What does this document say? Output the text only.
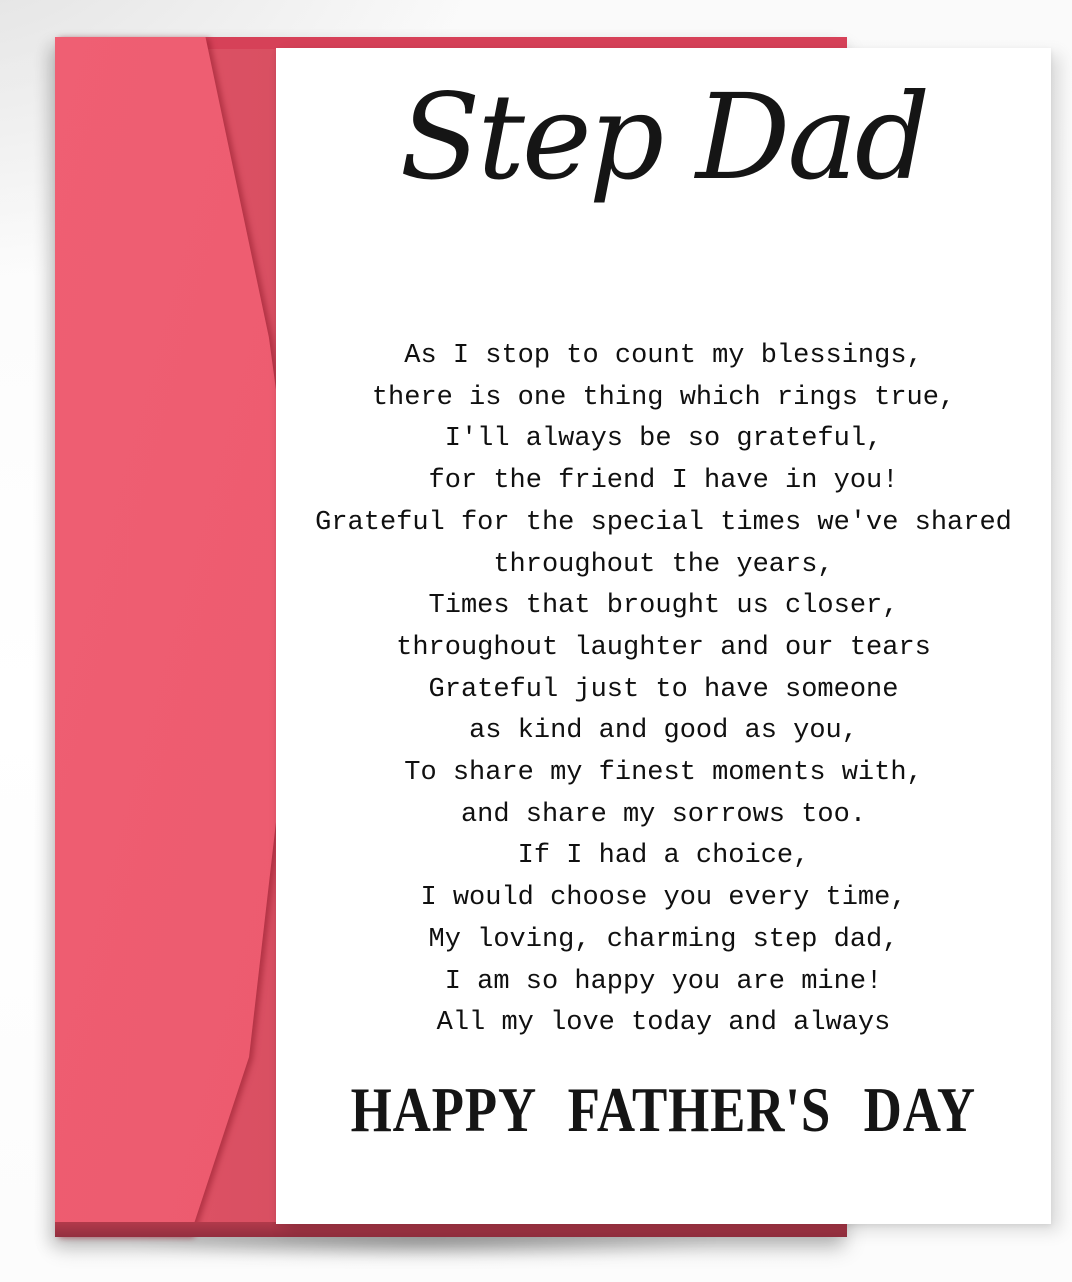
Step Dad
As I stop to count my blessings,
there is one thing which rings true,
I'll always be so grateful,
for the friend I have in you!
Grateful for the special times we've shared
throughout the years,
Times that brought us closer,
throughout laughter and our tears
Grateful just to have someone
as kind and good as you,
To share my finest moments with,
and share my sorrows too.
If I had a choice,
I would choose you every time,
My loving, charming step dad,
I am so happy you are mine!
All my love today and always
HAPPY FATHER'S DAY
